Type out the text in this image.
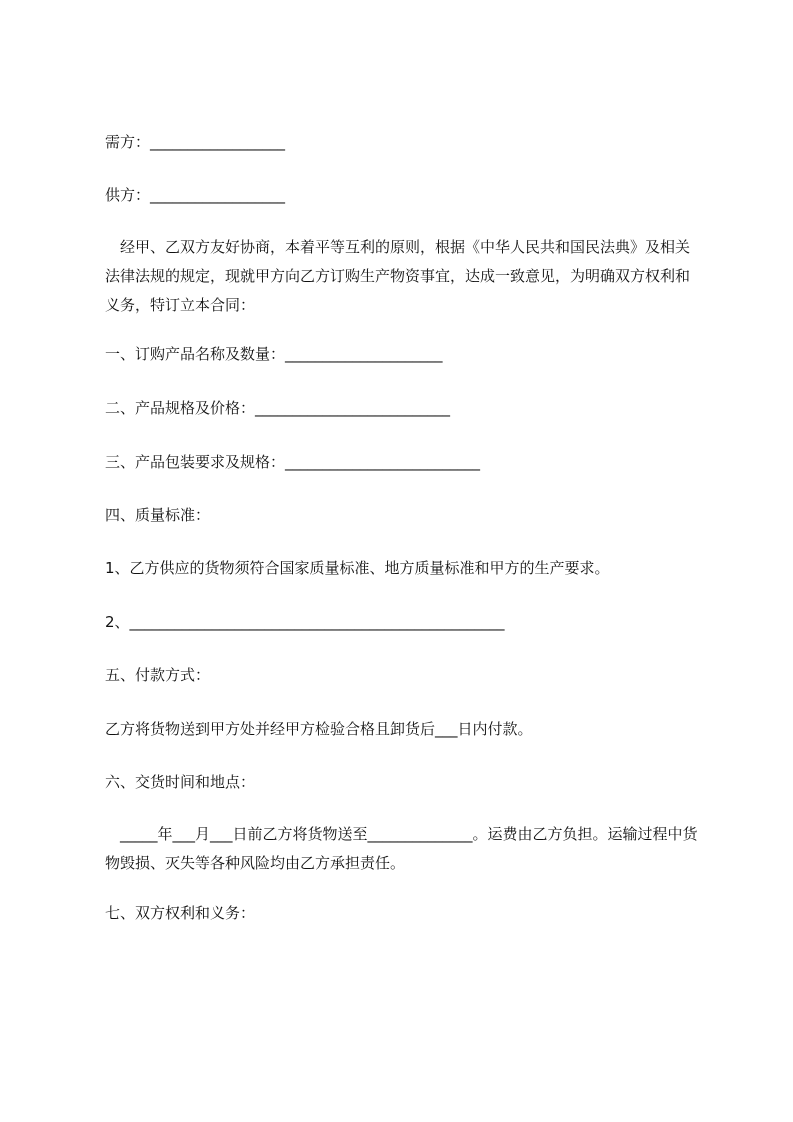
需方：__________________
供方：__________________
　经甲、乙双方友好协商，本着平等互利的原则，根据《中华人民共和国民法典》及相关法律法规的规定，现就甲方向乙方订购生产物资事宜，达成一致意见，为明确双方权利和义务，特订立本合同：
一、订购产品名称及数量：_____________________
二、产品规格及价格：__________________________
三、产品包装要求及规格：__________________________
四、质量标准：
1、乙方供应的货物须符合国家质量标准、地方质量标准和甲方的生产要求。
2、__________________________________________________
五、付款方式：
乙方将货物送到甲方处并经甲方检验合格且卸货后___日内付款。
六、交货时间和地点：
　_____年___月___日前乙方将货物送至______________。运费由乙方负担。运输过程中货物毁损、灭失等各种风险均由乙方承担责任。
七、双方权利和义务：
